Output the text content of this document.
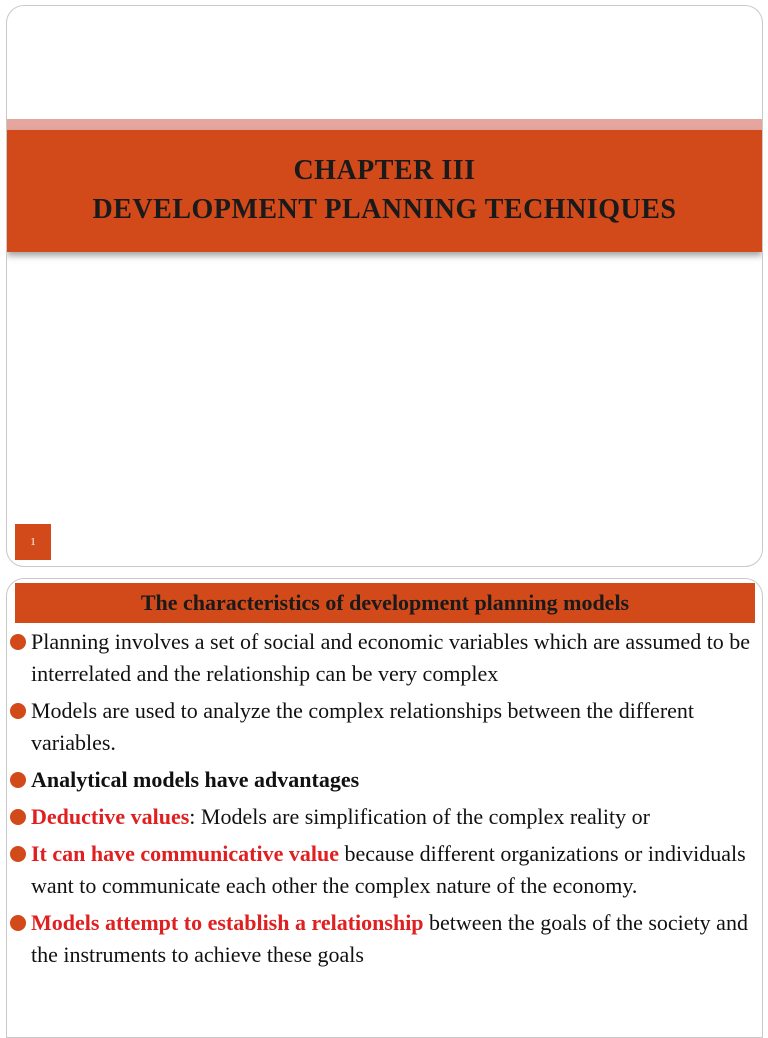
CHAPTER III
DEVELOPMENT PLANNING TECHNIQUES
1
The characteristics of development planning models
Planning involves a set of social and economic variables which are assumed to be interrelated and the relationship can be very complex
Models are used to analyze the complex relationships between the different variables.
Analytical models have advantages
Deductive values: Models are simplification of the complex reality or
It can have communicative value because different organizations or individuals want to communicate each other the complex nature of the economy.
Models attempt to establish a relationship between the goals of the society and the instruments to achieve these goals
